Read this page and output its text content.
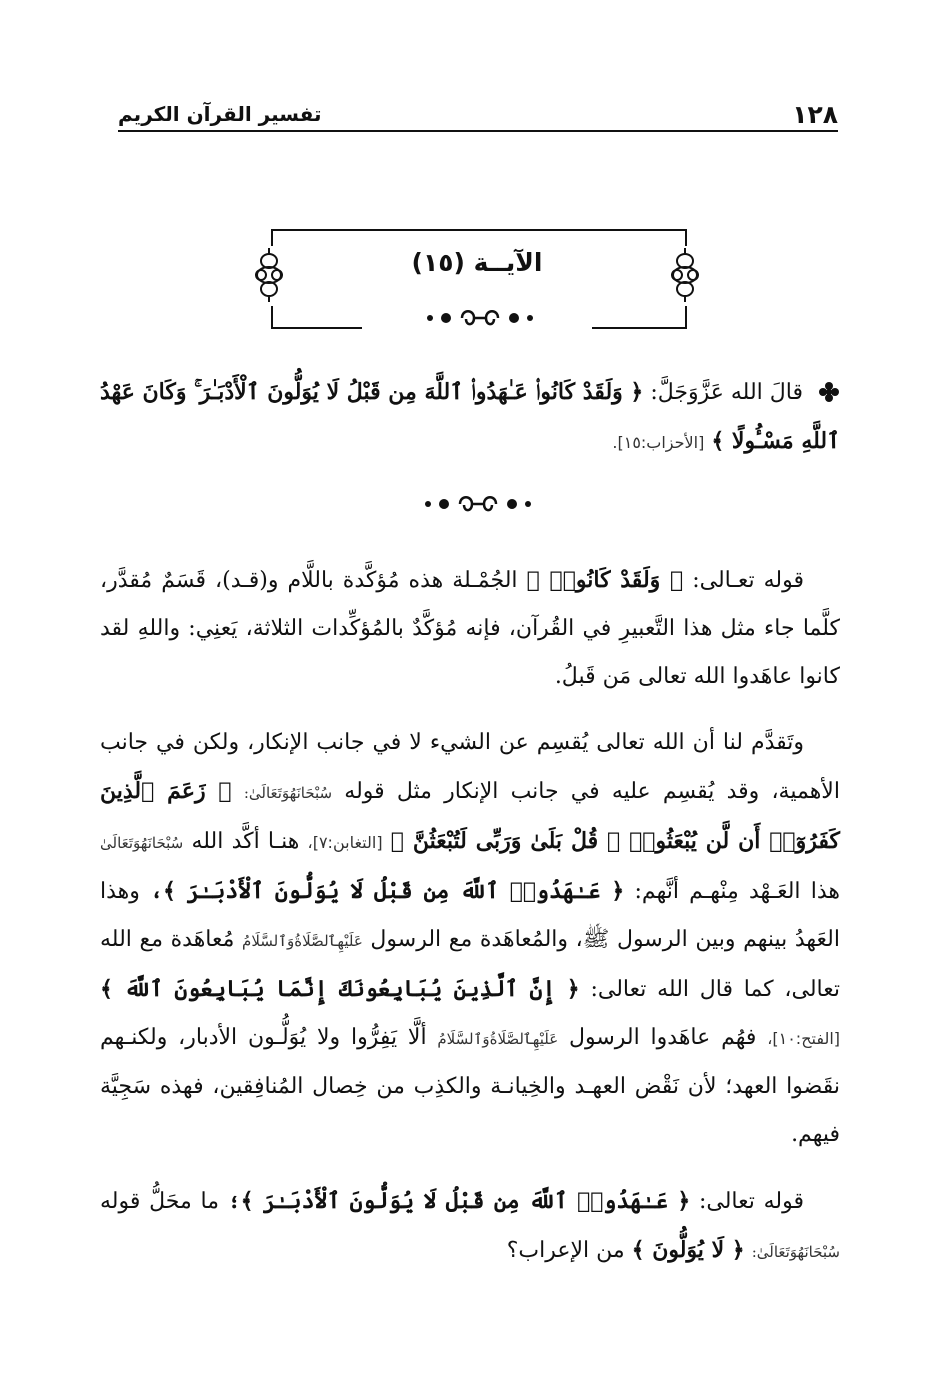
١٢٨
تفسير القرآن الكريم
الآيــة (١٥)

قالَ الله عَزَّوَجَلَّ: ﴿ وَلَقَدْ كَانُوا۟ عَـٰهَدُوا۟ ٱللَّهَ مِن قَبْلُ لَا يُوَلُّونَ ٱلْأَدْبَـٰرَ ۚ وَكَانَ عَهْدُ ٱللَّهِ مَسْـُٔولًا ﴾ [الأحزاب:١٥].

قوله تعـالى: ﴿ وَلَقَدْ كَانُوا۟ ﴾ الجُمْـلة هذه مُؤكَّدة باللَّام و(قـد)، قَسَمٌ مُقدَّر، كلَّما جاء مثل هذا التَّعبيرِ في القُرآن، فإنه مُؤكَّدٌ بالمُؤكِّدات الثلاثة، يَعنِي: واللهِ لقد كانوا عاهَدوا الله تعالى مَن قَبلُ.

وتَقدَّم لنا أن الله تعالى يُقسِم عن الشيء لا في جانب الإنكار، ولكن في جانب الأهمية، وقد يُقسِم عليه في جانب الإنكار مثل قوله سُبْحَانَهُوَتَعَالَىٰ: ﴿ زَعَمَ ٱلَّذِينَ كَفَرُوٓا۟ أَن لَّن يُبْعَثُوا۟ ۚ قُلْ بَلَىٰ وَرَبِّى لَتُبْعَثُنَّ ﴾ [التغابن:٧]، هنـا أكَّد الله سُبْحَانَهُوَتَعَالَىٰ هذا العَـهْد مِنْهـم أنَّهم: ﴿ عَـٰهَدُوا۟ ٱللَّهَ مِن قَبْلُ لَا يُوَلُّونَ ٱلْأَدْبَـٰرَ ﴾، وهذا العَهدُ بينهم وبين الرسول ﷺ، والمُعاهَدة مع الرسول عَلَيْهِٱلصَّلَاةُوَٱلسَّلَامُ مُعاهَدة مع الله تعالى، كما قال الله تعالى: ﴿ إِنَّ ٱلَّذِينَ يُبَايِعُونَكَ إِنَّمَا يُبَايِعُونَ ٱللَّهَ ﴾ [الفتح:١٠]، فهُم عاهَدوا الرسول عَلَيْهِٱلصَّلَاةُوَٱلسَّلَامُ ألَّا يَفِرُّوا ولا يُوَلُّـون الأدبار، ولكنـهم نقَضوا العهد؛ لأن نَقْض العهـد والخِيانـة والكذِب من خِصال المُنافِقين، فهذه سَجِيَّة فيهم.

قوله تعالى: ﴿ عَـٰهَدُوا۟ ٱللَّهَ مِن قَبْلُ لَا يُوَلُّونَ ٱلْأَدْبَـٰرَ ﴾؛ ما محَلُّ قوله سُبْحَانَهُوَتَعَالَىٰ: ﴿ لَا يُوَلُّونَ ﴾ من الإعراب؟
